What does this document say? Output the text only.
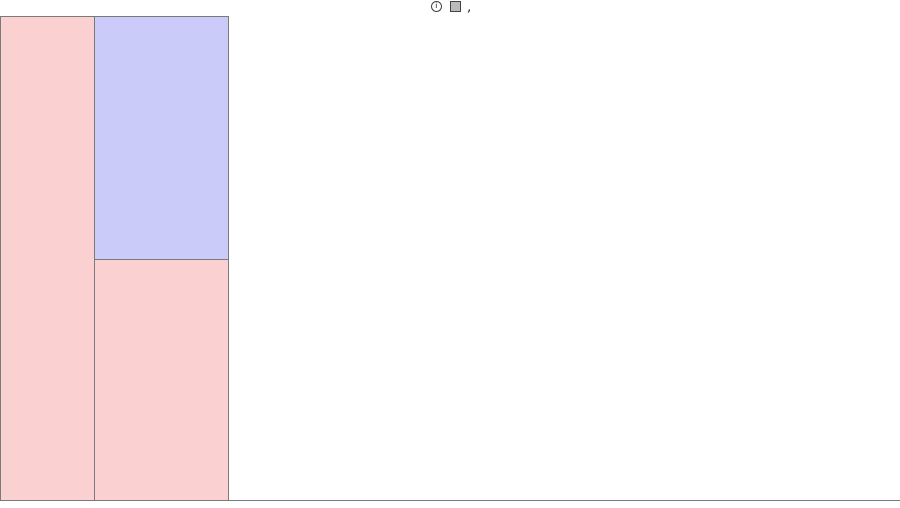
i ,
